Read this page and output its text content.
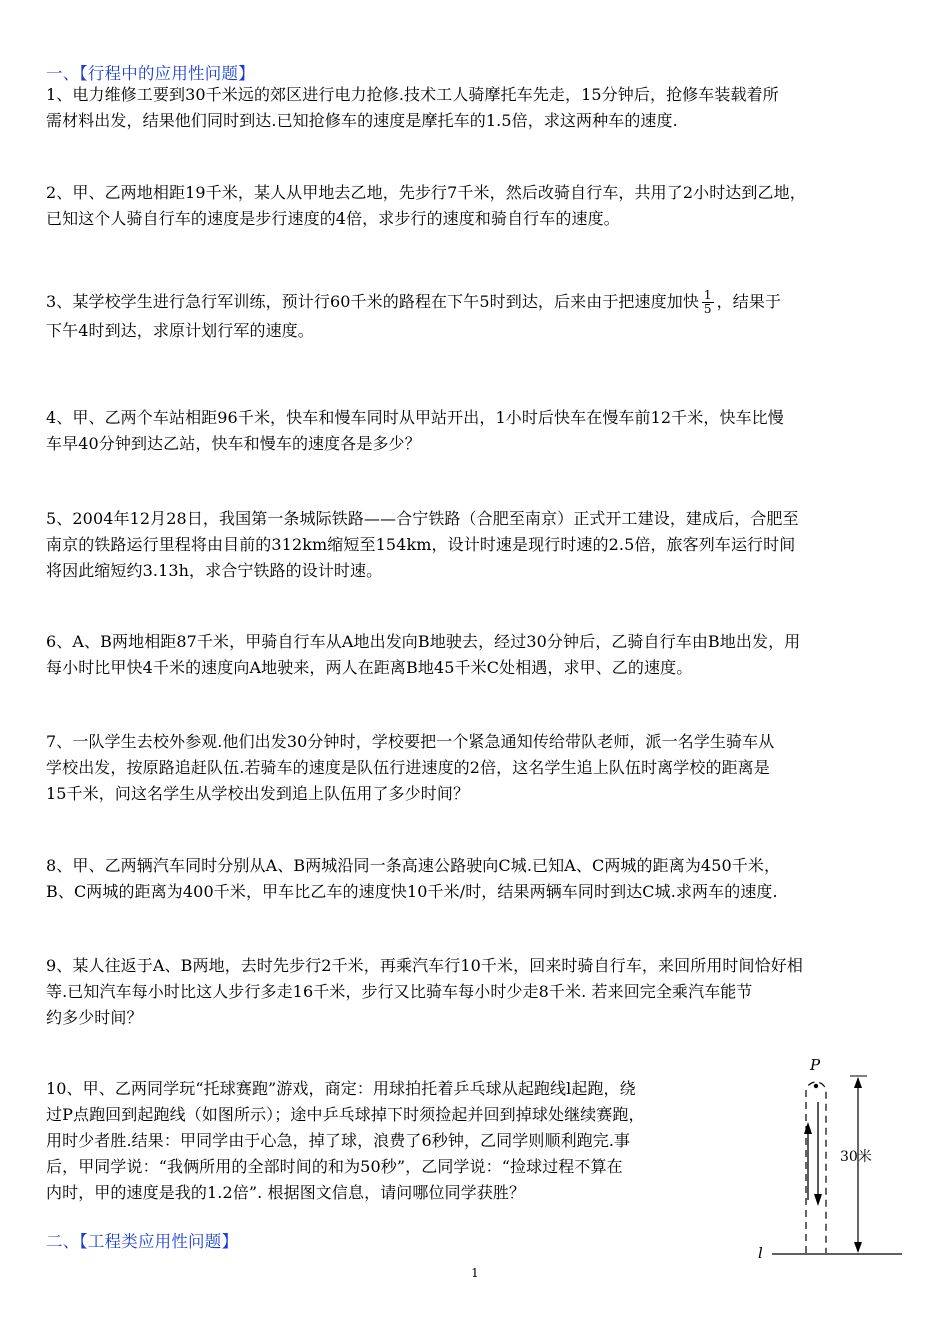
一、【行程中的应用性问题】

1、电力维修工要到30千米远的郊区进行电力抢修.技术工人骑摩托车先走，15分钟后，抢修车装载着所

需材料出发，结果他们同时到达.已知抢修车的速度是摩托车的1.5倍，求这两种车的速度.

2、甲、乙两地相距19千米，某人从甲地去乙地，先步行7千米，然后改骑自行车，共用了2小时达到乙地，

已知这个人骑自行车的速度是步行速度的4倍，求步行的速度和骑自行车的速度。

3、某学校学生进行急行军训练，预计行60千米的路程在下午5时到达，后来由于把速度加快 $\frac{1}{5}$ ，结果于

下午4时到达，求原计划行军的速度。

4、甲、乙两个车站相距96千米，快车和慢车同时从甲站开出，1小时后快车在慢车前12千米，快车比慢

车早40分钟到达乙站，快车和慢车的速度各是多少？

5、2004年12月28日，我国第一条城际铁路——合宁铁路（合肥至南京）正式开工建设，建成后，合肥至

南京的铁路运行里程将由目前的312km缩短至154km，设计时速是现行时速的2.5倍，旅客列车运行时间

将因此缩短约3.13h，求合宁铁路的设计时速。

6、A、B两地相距87千米，甲骑自行车从A地出发向B地驶去，经过30分钟后，乙骑自行车由B地出发，用

每小时比甲快4千米的速度向A地驶来，两人在距离B地45千米C处相遇，求甲、乙的速度。

7、一队学生去校外参观.他们出发30分钟时，学校要把一个紧急通知传给带队老师，派一名学生骑车从

学校出发，按原路追赶队伍.若骑车的速度是队伍行进速度的2倍，这名学生追上队伍时离学校的距离是

15千米，问这名学生从学校出发到追上队伍用了多少时间？

8、甲、乙两辆汽车同时分别从A、B两城沿同一条高速公路驶向C城.已知A、C两城的距离为450千米，

B、C两城的距离为400千米，甲车比乙车的速度快10千米/时，结果两辆车同时到达C城.求两车的速度.

9、某人往返于A、B两地，去时先步行2千米，再乘汽车行10千米，回来时骑自行车，来回所用时间恰好相

等.已知汽车每小时比这人步行多走16千米，步行又比骑车每小时少走8千米. 若来回完全乘汽车能节

约多少时间？

10、甲、乙两同学玩“托球赛跑”游戏，商定：用球拍托着乒乓球从起跑线l起跑，绕

过P点跑回到起跑线（如图所示）；途中乒乓球掉下时须捡起并回到掉球处继续赛跑，

用时少者胜.结果：甲同学由于心急，掉了球，浪费了6秒钟，乙同学则顺利跑完.事

后，甲同学说：“我俩所用的全部时间的和为50秒”，乙同学说：“捡球过程不算在

内时，甲的速度是我的1.2倍”. 根据图文信息，请问哪位同学获胜？

二、【工程类应用性问题】
P
30米
l
1
